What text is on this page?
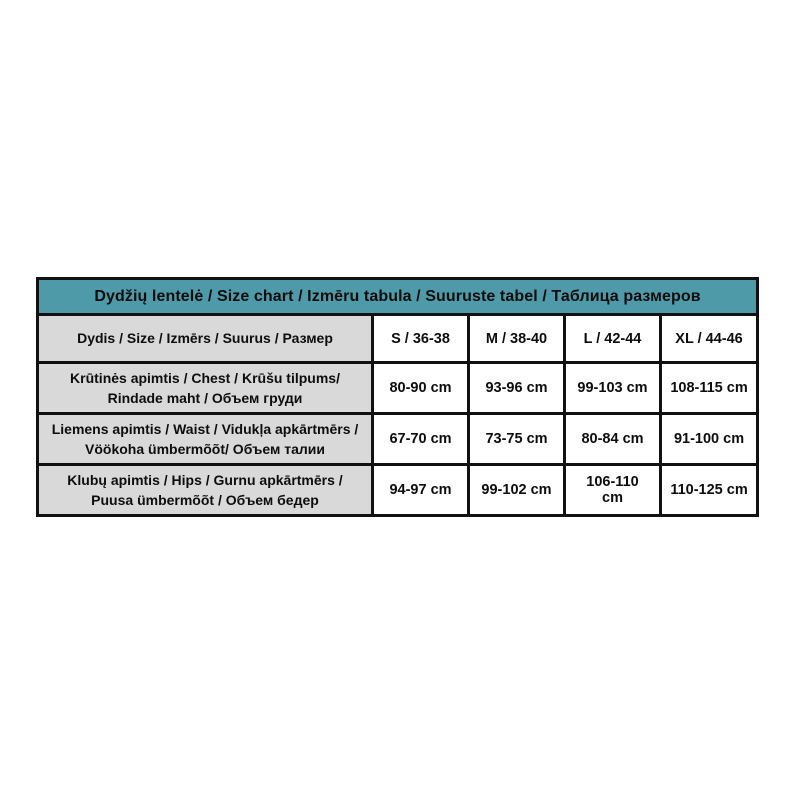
Dydžių lentelė / Size chart / Izmēru tabula / Suuruste tabel / Таблица размеров				
Dydis / Size / Izmērs / Suurus / Размер	S / 36-38	M / 38-40	L / 42-44	XL / 44-46
Krūtinės apimtis / Chest / Krūšu tilpums/ Rindade maht / Объем груди	80-90 cm	93-96 cm	99-103 cm	108-115 cm
Liemens apimtis / Waist / Vidukļa apkārtmērs / Vöökoha ümbermõõt/ Объем талии	67-70 cm	73-75 cm	80-84 cm	91-100 cm
Klubų apimtis / Hips / Gurnu apkārtmērs / Puusa ümbermõõt / Объем бедер	94-97 cm	99-102 cm	106-110 cm	110-125 cm
